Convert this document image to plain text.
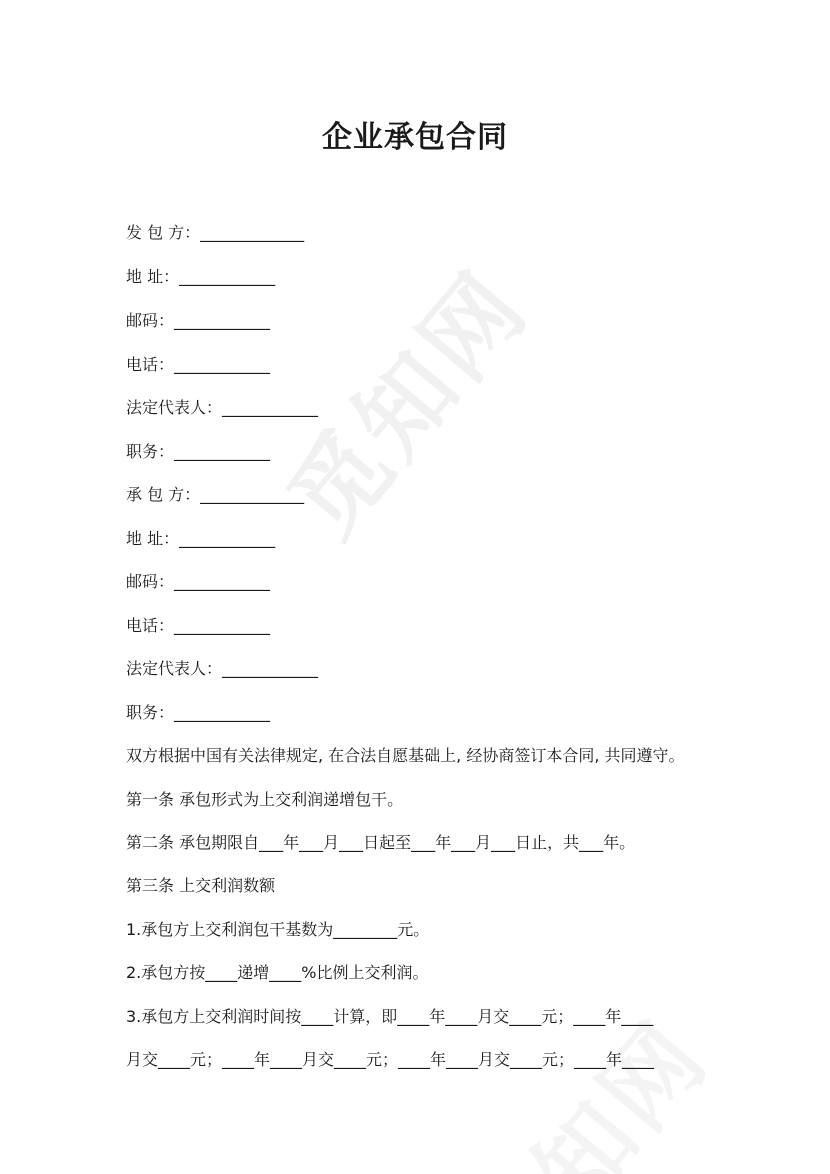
觅知网
企业承包合同
发 包 方：_____________
地 址：____________
邮码：____________
电话：____________
法定代表人：____________
职务：____________
承 包 方：_____________
地 址：____________
邮码：____________
电话：____________
法定代表人：____________
职务：____________
双方根据中国有关法律规定, 在合法自愿基础上, 经协商签订本合同, 共同遵守。
第一条 承包形式为上交利润递增包干。
第二条 承包期限自___年___月___日起至___年___月___日止，共___年。
第三条 上交利润数额
1.承包方上交利润包干基数为________元。
2.承包方按____递增____%比例上交利润。
3.承包方上交利润时间按____计算，即____年____月交____元；____年____
月交____元；____年____月交____元；____年____月交____元；____年____
